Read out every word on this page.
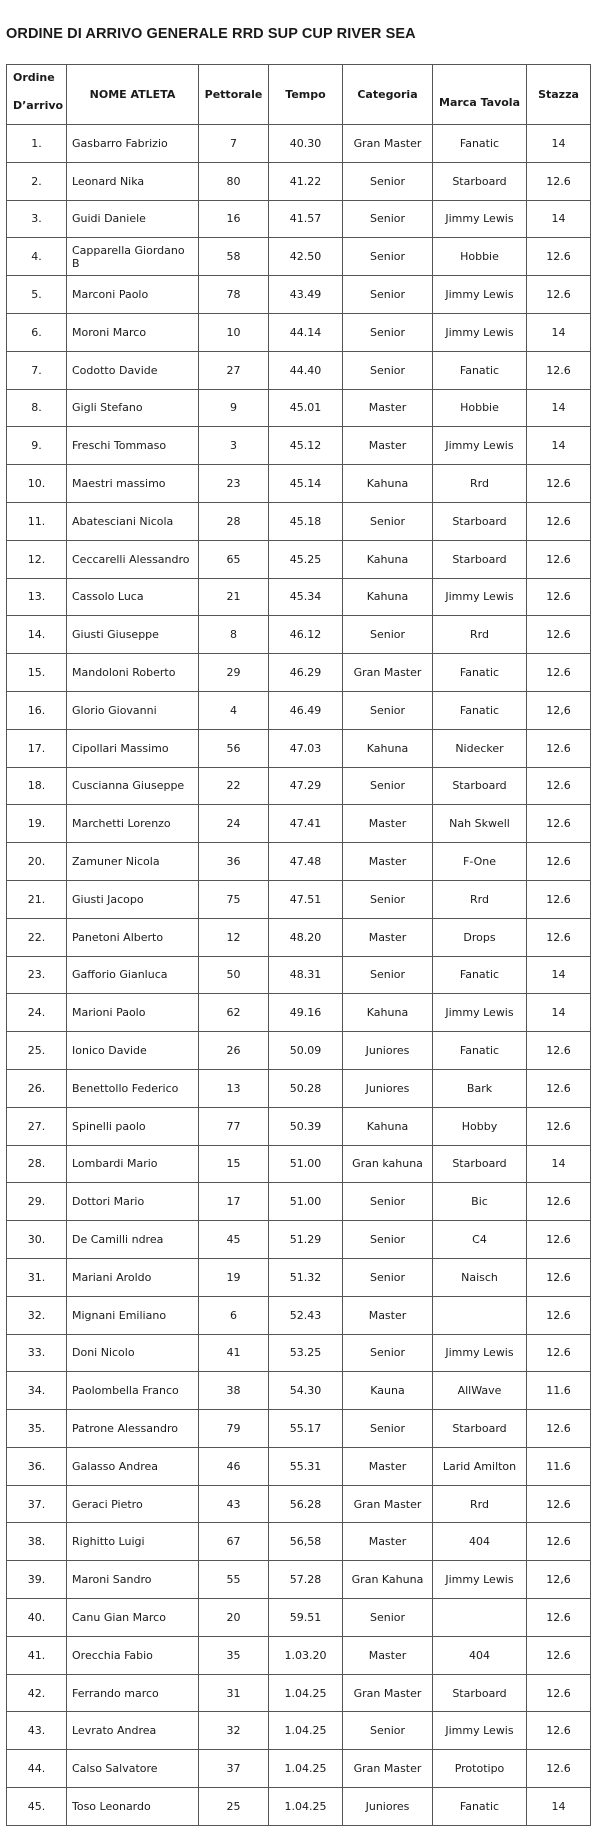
ORDINE DI ARRIVO GENERALE RRD SUP CUP RIVER SEA
Ordine
D’arrivo	NOME ATLETA	Pettorale	Tempo	Categoria	Marca Tavola	Stazza
1.	Gasbarro Fabrizio	7	40.30	Gran Master	Fanatic	14
2.	Leonard Nika	80	41.22	Senior	Starboard	12.6
3.	Guidi Daniele	16	41.57	Senior	Jimmy Lewis	14
4.	Capparella Giordano B	58	42.50	Senior	Hobbie	12.6
5.	Marconi Paolo	78	43.49	Senior	Jimmy Lewis	12.6
6.	Moroni Marco	10	44.14	Senior	Jimmy Lewis	14
7.	Codotto Davide	27	44.40	Senior	Fanatic	12.6
8.	Gigli Stefano	9	45.01	Master	Hobbie	14
9.	Freschi Tommaso	3	45.12	Master	Jimmy Lewis	14
10.	Maestri massimo	23	45.14	Kahuna	Rrd	12.6
11.	Abatesciani Nicola	28	45.18	Senior	Starboard	12.6
12.	Ceccarelli Alessandro	65	45.25	Kahuna	Starboard	12.6
13.	Cassolo Luca	21	45.34	Kahuna	Jimmy Lewis	12.6
14.	Giusti Giuseppe	8	46.12	Senior	Rrd	12.6
15.	Mandoloni Roberto	29	46.29	Gran Master	Fanatic	12.6
16.	Glorio Giovanni	4	46.49	Senior	Fanatic	12,6
17.	Cipollari Massimo	56	47.03	Kahuna	Nidecker	12.6
18.	Cuscianna Giuseppe	22	47.29	Senior	Starboard	12.6
19.	Marchetti Lorenzo	24	47.41	Master	Nah Skwell	12.6
20.	Zamuner Nicola	36	47.48	Master	F-One	12.6
21.	Giusti Jacopo	75	47.51	Senior	Rrd	12.6
22.	Panetoni Alberto	12	48.20	Master	Drops	12.6
23.	Gafforio Gianluca	50	48.31	Senior	Fanatic	14
24.	Marioni Paolo	62	49.16	Kahuna	Jimmy Lewis	14
25.	Ionico Davide	26	50.09	Juniores	Fanatic	12.6
26.	Benettollo Federico	13	50.28	Juniores	Bark	12.6
27.	Spinelli paolo	77	50.39	Kahuna	Hobby	12.6
28.	Lombardi Mario	15	51.00	Gran kahuna	Starboard	14
29.	Dottori Mario	17	51.00	Senior	Bic	12.6
30.	De Camilli ndrea	45	51.29	Senior	C4	12.6
31.	Mariani Aroldo	19	51.32	Senior	Naisch	12.6
32.	Mignani Emiliano	6	52.43	Master		12.6
33.	Doni Nicolo	41	53.25	Senior	Jimmy Lewis	12.6
34.	Paolombella Franco	38	54.30	Kauna	AllWave	11.6
35.	Patrone Alessandro	79	55.17	Senior	Starboard	12.6
36.	Galasso Andrea	46	55.31	Master	Larid Amilton	11.6
37.	Geraci Pietro	43	56.28	Gran Master	Rrd	12.6
38.	Righitto Luigi	67	56,58	Master	404	12.6
39.	Maroni Sandro	55	57.28	Gran Kahuna	Jimmy Lewis	12,6
40.	Canu Gian Marco	20	59.51	Senior		12.6
41.	Orecchia Fabio	35	1.03.20	Master	404	12.6
42.	Ferrando marco	31	1.04.25	Gran Master	Starboard	12.6
43.	Levrato Andrea	32	1.04.25	Senior	Jimmy Lewis	12.6
44.	Calso Salvatore	37	1.04.25	Gran Master	Prototipo	12.6
45.	Toso Leonardo	25	1.04.25	Juniores	Fanatic	14
